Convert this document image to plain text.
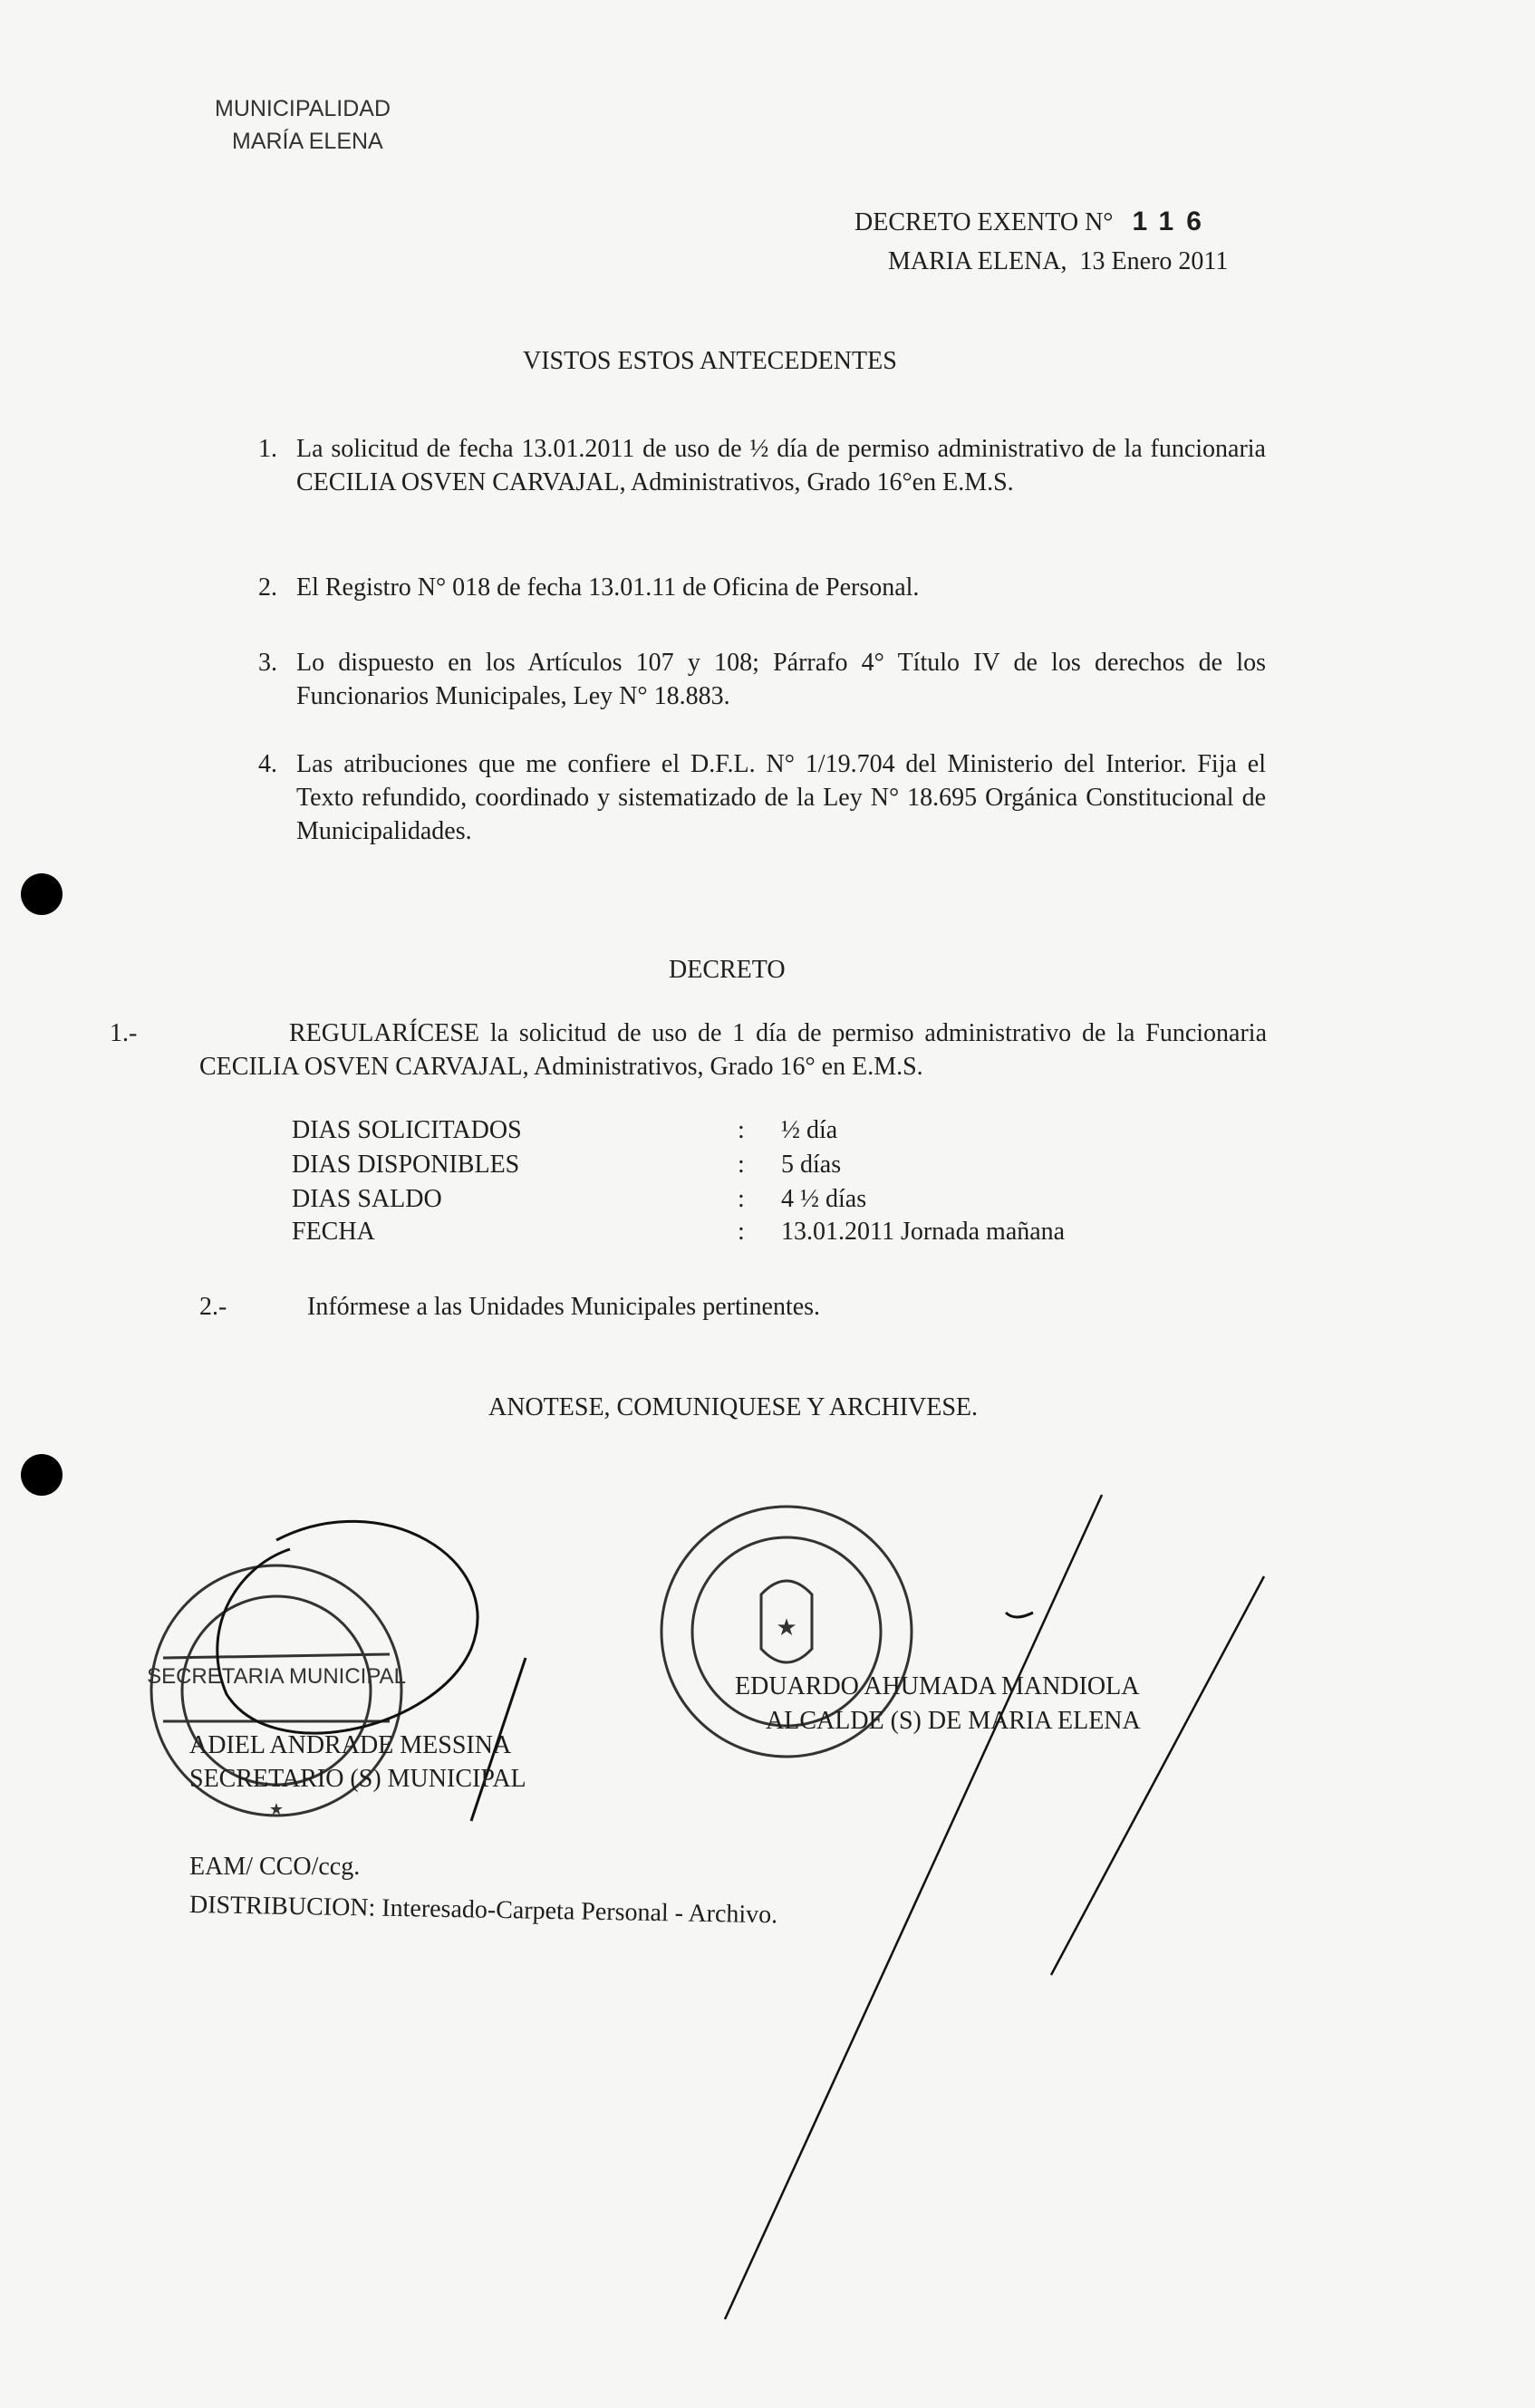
MUNICIPALIDAD
MARÍA ELENA
DECRETO EXENTO N° 116
MARIA ELENA,  13 Enero 2011
VISTOS ESTOS ANTECEDENTES
1. La solicitud de fecha 13.01.2011 de uso de ½ día de permiso administrativo de la funcionaria CECILIA OSVEN CARVAJAL, Administrativos, Grado 16°en E.M.S.
2. El Registro N° 018 de fecha 13.01.11 de Oficina de Personal.
3. Lo dispuesto en los Artículos 107 y 108; Párrafo 4° Título IV de los derechos de los Funcionarios Municipales, Ley N° 18.883.
4. Las atribuciones que me confiere el D.F.L. N° 1/19.704 del Ministerio del Interior. Fija el Texto refundido, coordinado y sistematizado de la Ley N° 18.695 Orgánica Constitucional de Municipalidades.
DECRETO
1.-	REGULARÍCESE la solicitud de uso de 1 día de permiso administrativo de la Funcionaria CECILIA OSVEN CARVAJAL, Administrativos, Grado 16° en E.M.S.
DIAS SOLICITADOS	: ½ día
DIAS DISPONIBLES	: 5 días
DIAS SALDO	: 4 ½ días
FECHA	: 13.01.2011 Jornada mañana
2.-	Infórmese a las Unidades Municipales pertinentes.
ANOTESE, COMUNIQUESE Y ARCHIVESE.
★
SECRETARIA MUNICIPAL
★
ADIEL ANDRADE MESSINA
SECRETARIO (S) MUNICIPAL
EDUARDO AHUMADA MANDIOLA
ALCALDE (S) DE MARIA ELENA
EAM/ CCO/ccg.
DISTRIBUCION: Interesado-Carpeta Personal - Archivo.
